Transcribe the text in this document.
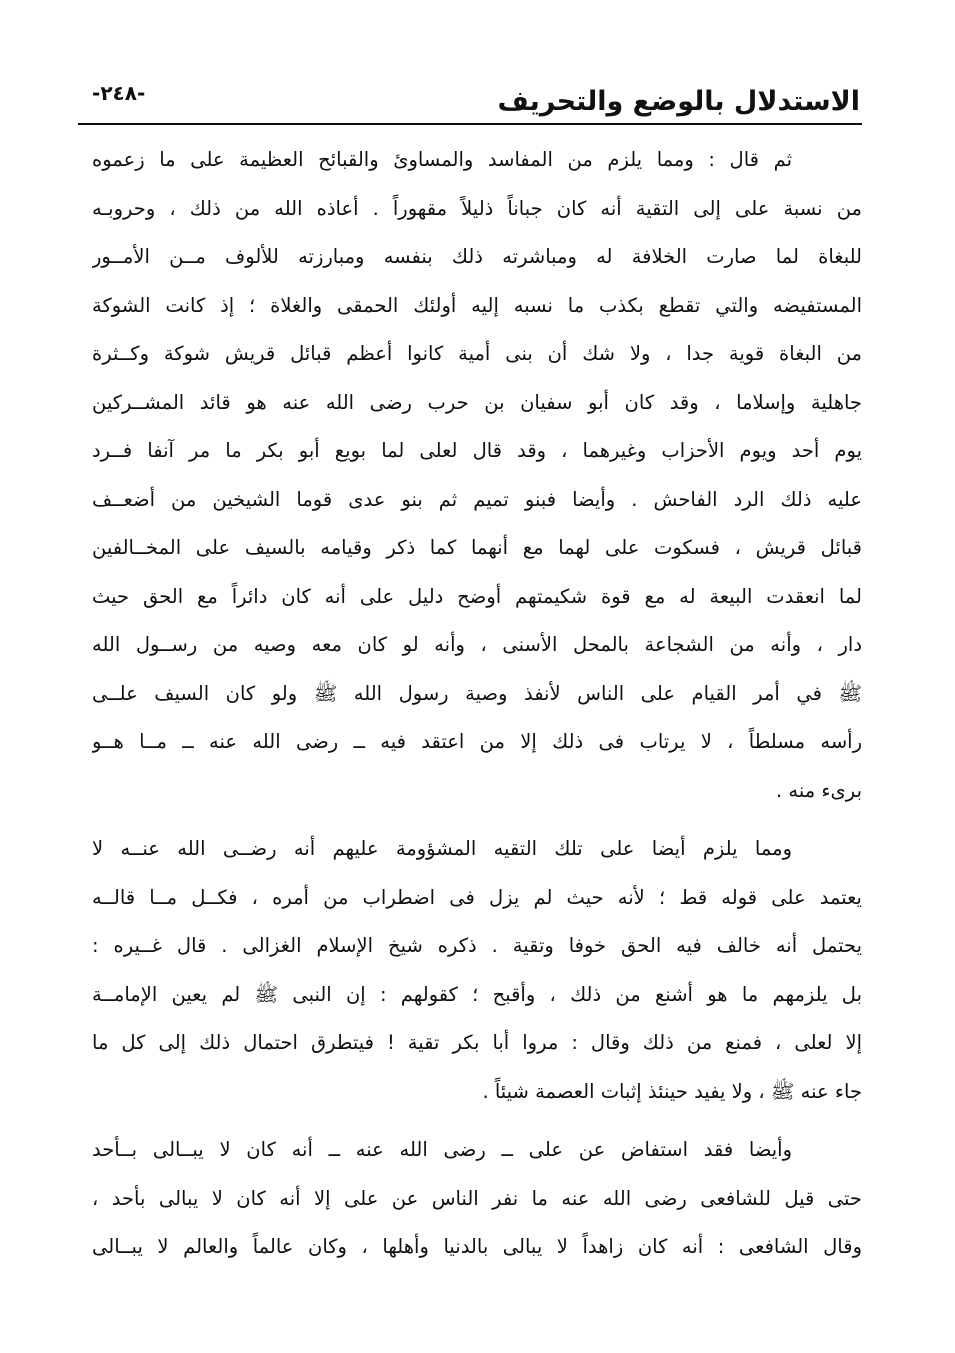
الاستدلال بالوضع والتحريف
-٢٤٨-
ثم قال : ومما يلزم من المفاسد والمساوئ والقبائح العظيمة على ما زعموه
من نسبة على إلى التقية أنه كان جباناً ذليلاً مقهوراً . أعاذه الله من ذلك ، وحروبـه
للبغاة لما صارت الخلافة له ومباشرته ذلك بنفسه ومبارزته للألوف مــن الأمــور
المستفيضه والتي تقطع بكذب ما نسبه إليه أولئك الحمقى والغلاة ؛ إذ كانت الشوكة
من البغاة قوية جدا ، ولا شك أن بنى أمية كانوا أعظم قبائل قريش شوكة وكــثرة
جاهلية وإسلاما ، وقد كان أبو سفيان بن حرب رضى الله عنه هو قائد المشــركين
يوم أحد ويوم الأحزاب وغيرهما ، وقد قال لعلى لما بويع أبو بكر ما مر آنفا فــرد
عليه ذلك الرد الفاحش . وأيضا فبنو تميم ثم بنو عدى قوما الشيخين من أضعــف
قبائل قريش ، فسكوت على لهما مع أنهما كما ذكر وقيامه بالسيف على المخــالفين
لما انعقدت البيعة له مع قوة شكيمتهم أوضح دليل على أنه كان دائراً مع الحق حيث
دار ، وأنه من الشجاعة بالمحل الأسنى ، وأنه لو كان معه وصيه من رســول الله
ﷺ في أمر القيام على الناس لأنفذ وصية رسول الله ﷺ ولو كان السيف علــى
رأسه مسلطاً ، لا يرتاب فى ذلك إلا من اعتقد فيه ــ رضى الله عنه ــ مــا هــو
برىء منه .
ومما يلزم أيضا على تلك التقيه المشؤومة عليهم أنه رضــى الله عنــه لا
يعتمد على قوله قط ؛ لأنه حيث لم يزل فى اضطراب من أمره ، فكــل مــا قالــه
يحتمل أنه خالف فيه الحق خوفا وتقية . ذكره شيخ الإسلام الغزالى . قال غــيره :
بل يلزمهم ما هو أشنع من ذلك ، وأقبح ؛ كقولهم : إن النبى ﷺ لم يعين الإمامــة
إلا لعلى ، فمنع من ذلك وقال : مروا أبا بكر تقية ! فيتطرق احتمال ذلك إلى كل ما
جاء عنه ﷺ ، ولا يفيد حينئذ إثبات العصمة شيئاً .
وأيضا فقد استفاض عن على ــ رضى الله عنه ــ أنه كان لا يبــالى بــأحد
حتى قيل للشافعى رضى الله عنه ما نفر الناس عن على إلا أنه كان لا يبالى بأحد ،
وقال الشافعى : أنه كان زاهداً لا يبالى بالدنيا وأهلها ، وكان عالماً والعالم لا يبــالى
